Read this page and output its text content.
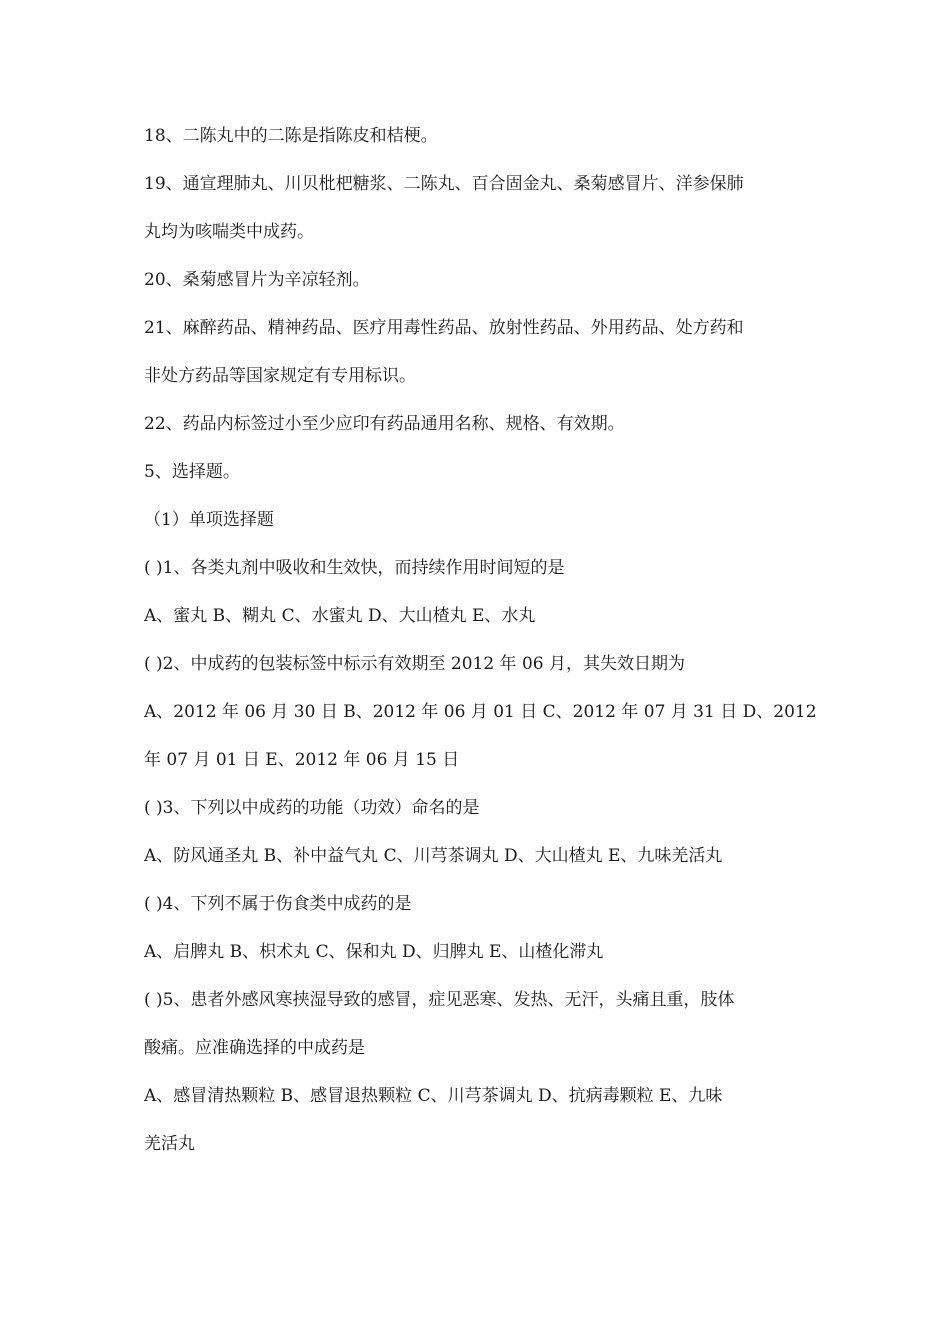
18、二陈丸中的二陈是指陈皮和桔梗。
19、通宣理肺丸、川贝枇杷糖浆、二陈丸、百合固金丸、桑菊感冒片、洋参保肺
丸均为咳喘类中成药。
20、桑菊感冒片为辛凉轻剂。
21、麻醉药品、精神药品、医疗用毒性药品、放射性药品、外用药品、处方药和
非处方药品等国家规定有专用标识。
22、药品内标签过小至少应印有药品通用名称、规格、有效期。
5、选择题。
（1）单项选择题
( )1、各类丸剂中吸收和生效快，而持续作用时间短的是
A、蜜丸 B、糊丸 C、水蜜丸 D、大山楂丸 E、水丸
( )2、中成药的包装标签中标示有效期至 2012 年 06 月，其失效日期为
A、2012 年 06 月 30 日 B、2012 年 06 月 01 日 C、2012 年 07 月 31 日 D、2012
年 07 月 01 日 E、2012 年 06 月 15 日
( )3、下列以中成药的功能（功效）命名的是
A、防风通圣丸 B、补中益气丸 C、川芎茶调丸 D、大山楂丸 E、九味羌活丸
( )4、下列不属于伤食类中成药的是
A、启脾丸 B、枳术丸 C、保和丸 D、归脾丸 E、山楂化滞丸
( )5、患者外感风寒挟湿导致的感冒，症见恶寒、发热、无汗，头痛且重，肢体
酸痛。应准确选择的中成药是
A、感冒清热颗粒 B、感冒退热颗粒 C、川芎茶调丸 D、抗病毒颗粒 E、九味
羌活丸
